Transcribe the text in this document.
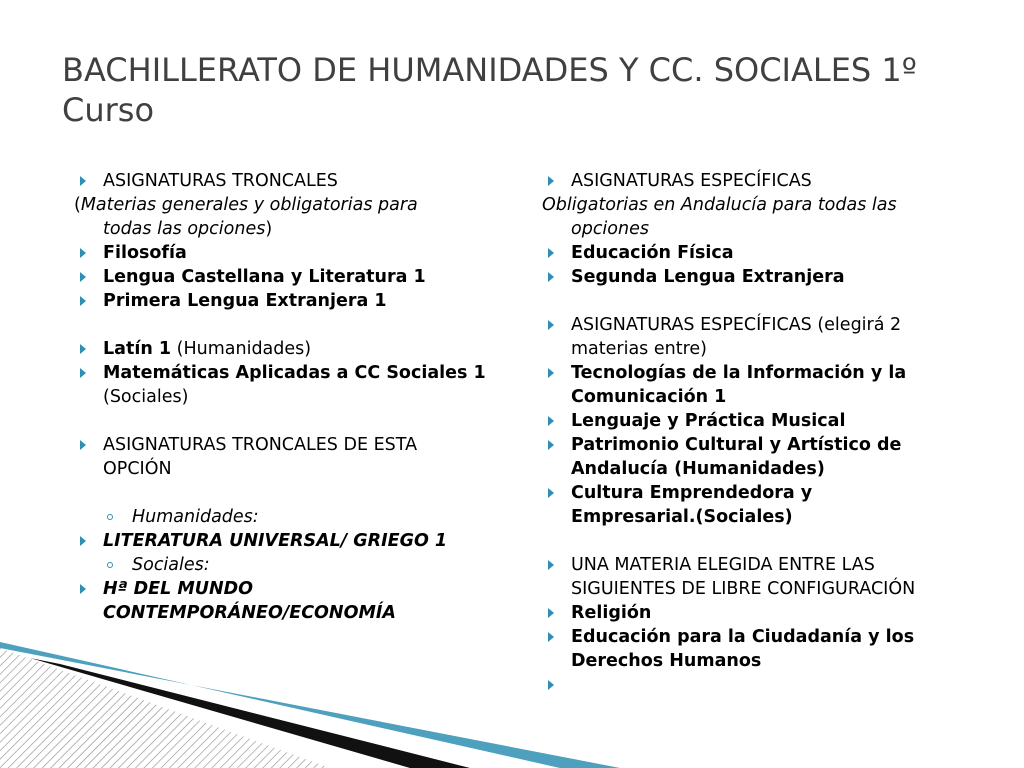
BACHILLERATO DE HUMANIDADES Y CC. SOCIALES 1º
Curso
ASIGNATURAS TRONCALES
(Materias generales y obligatorias para
todas las opciones)
Filosofía
Lengua Castellana y Literatura 1
Primera Lengua Extranjera 1
Latín 1 (Humanidades)
Matemáticas Aplicadas a CC Sociales 1
(Sociales)
ASIGNATURAS TRONCALES DE ESTA
OPCIÓN
Humanidades:
LITERATURA UNIVERSAL/ GRIEGO 1
Sociales:
Hª DEL MUNDO
CONTEMPORÁNEO/ECONOMÍA
ASIGNATURAS ESPECÍFICAS
Obligatorias en Andalucía para todas las
opciones
Educación Física
Segunda Lengua Extranjera
ASIGNATURAS ESPECÍFICAS (elegirá 2
materias entre)
Tecnologías de la Información y la
Comunicación 1
Lenguaje y Práctica Musical
Patrimonio Cultural y Artístico de
Andalucía (Humanidades)
Cultura Emprendedora y
Empresarial.(Sociales)
UNA MATERIA ELEGIDA ENTRE LAS
SIGUIENTES DE LIBRE CONFIGURACIÓN
Religión
Educación para la Ciudadanía y los
Derechos Humanos
